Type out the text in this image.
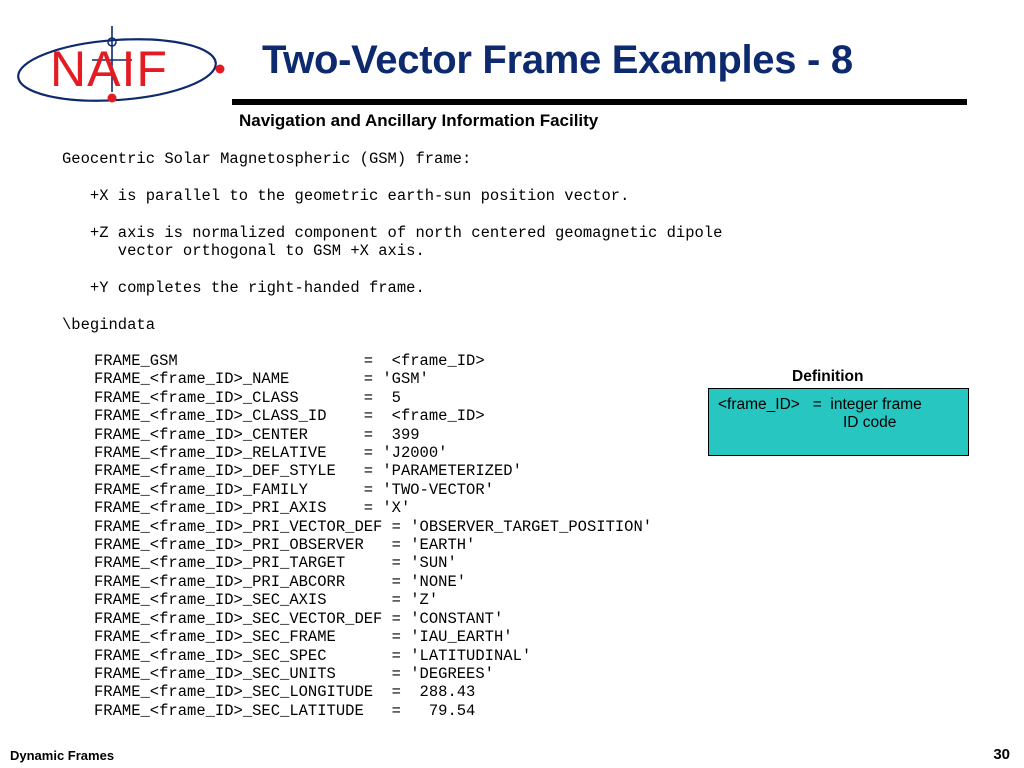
NAIF Two-Vector Frame Examples - 8

Navigation and Ancillary Information Facility

Geocentric Solar Magnetospheric (GSM) frame:

+X is parallel to the geometric earth-sun position vector.

+Z axis is normalized component of north centered geomagnetic dipole
vector orthogonal to GSM +X axis.

+Y completes the right-handed frame.

\begindata
FRAME_GSM                    =  <frame_ID>
FRAME_<frame_ID>_NAME        = 'GSM'
FRAME_<frame_ID>_CLASS       =  5
FRAME_<frame_ID>_CLASS_ID    =  <frame_ID>
FRAME_<frame_ID>_CENTER      =  399
FRAME_<frame_ID>_RELATIVE    = 'J2000'
FRAME_<frame_ID>_DEF_STYLE   = 'PARAMETERIZED'
FRAME_<frame_ID>_FAMILY      = 'TWO-VECTOR'
FRAME_<frame_ID>_PRI_AXIS    = 'X'
FRAME_<frame_ID>_PRI_VECTOR_DEF = 'OBSERVER_TARGET_POSITION'
FRAME_<frame_ID>_PRI_OBSERVER   = 'EARTH'
FRAME_<frame_ID>_PRI_TARGET     = 'SUN'
FRAME_<frame_ID>_PRI_ABCORR     = 'NONE'
FRAME_<frame_ID>_SEC_AXIS       = 'Z'
FRAME_<frame_ID>_SEC_VECTOR_DEF = 'CONSTANT'
FRAME_<frame_ID>_SEC_FRAME      = 'IAU_EARTH'
FRAME_<frame_ID>_SEC_SPEC       = 'LATITUDINAL'
FRAME_<frame_ID>_SEC_UNITS      = 'DEGREES'
FRAME_<frame_ID>_SEC_LONGITUDE  =  288.43
FRAME_<frame_ID>_SEC_LATITUDE   =   79.54
Definition
<frame_ID>   =  integer frame
ID code
Dynamic Frames	30
